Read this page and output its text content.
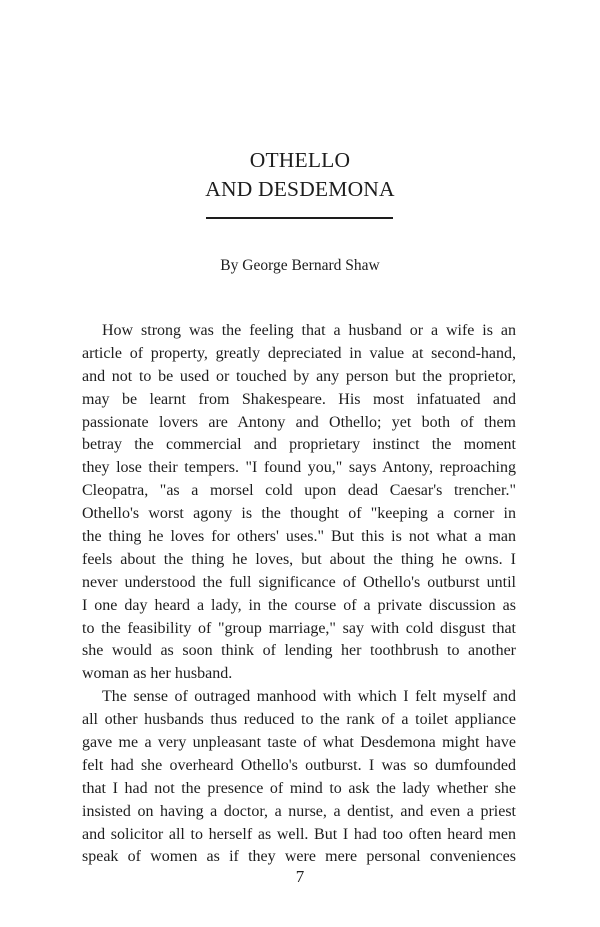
OTHELLO
AND DESDEMONA
By George Bernard Shaw
How strong was the feeling that a husband or a wife is an
article of property, greatly depreciated in value at second-hand,
and not to be used or touched by any person but the proprietor,
may be learnt from Shakespeare. His most infatuated and
passionate lovers are Antony and Othello; yet both of them
betray the commercial and proprietary instinct the moment
they lose their tempers. "I found you," says Antony, reproaching
Cleopatra, "as a morsel cold upon dead Caesar's trencher."
Othello's worst agony is the thought of "keeping a corner in
the thing he loves for others' uses." But this is not what a man
feels about the thing he loves, but about the thing he owns. I
never understood the full significance of Othello's outburst until
I one day heard a lady, in the course of a private discussion as
to the feasibility of "group marriage," say with cold disgust that
she would as soon think of lending her toothbrush to another
woman as her husband.
The sense of outraged manhood with which I felt myself and
all other husbands thus reduced to the rank of a toilet appliance
gave me a very unpleasant taste of what Desdemona might have
felt had she overheard Othello's outburst. I was so dumfounded
that I had not the presence of mind to ask the lady whether she
insisted on having a doctor, a nurse, a dentist, and even a priest
and solicitor all to herself as well. But I had too often heard men
speak of women as if they were mere personal conveniences
7
